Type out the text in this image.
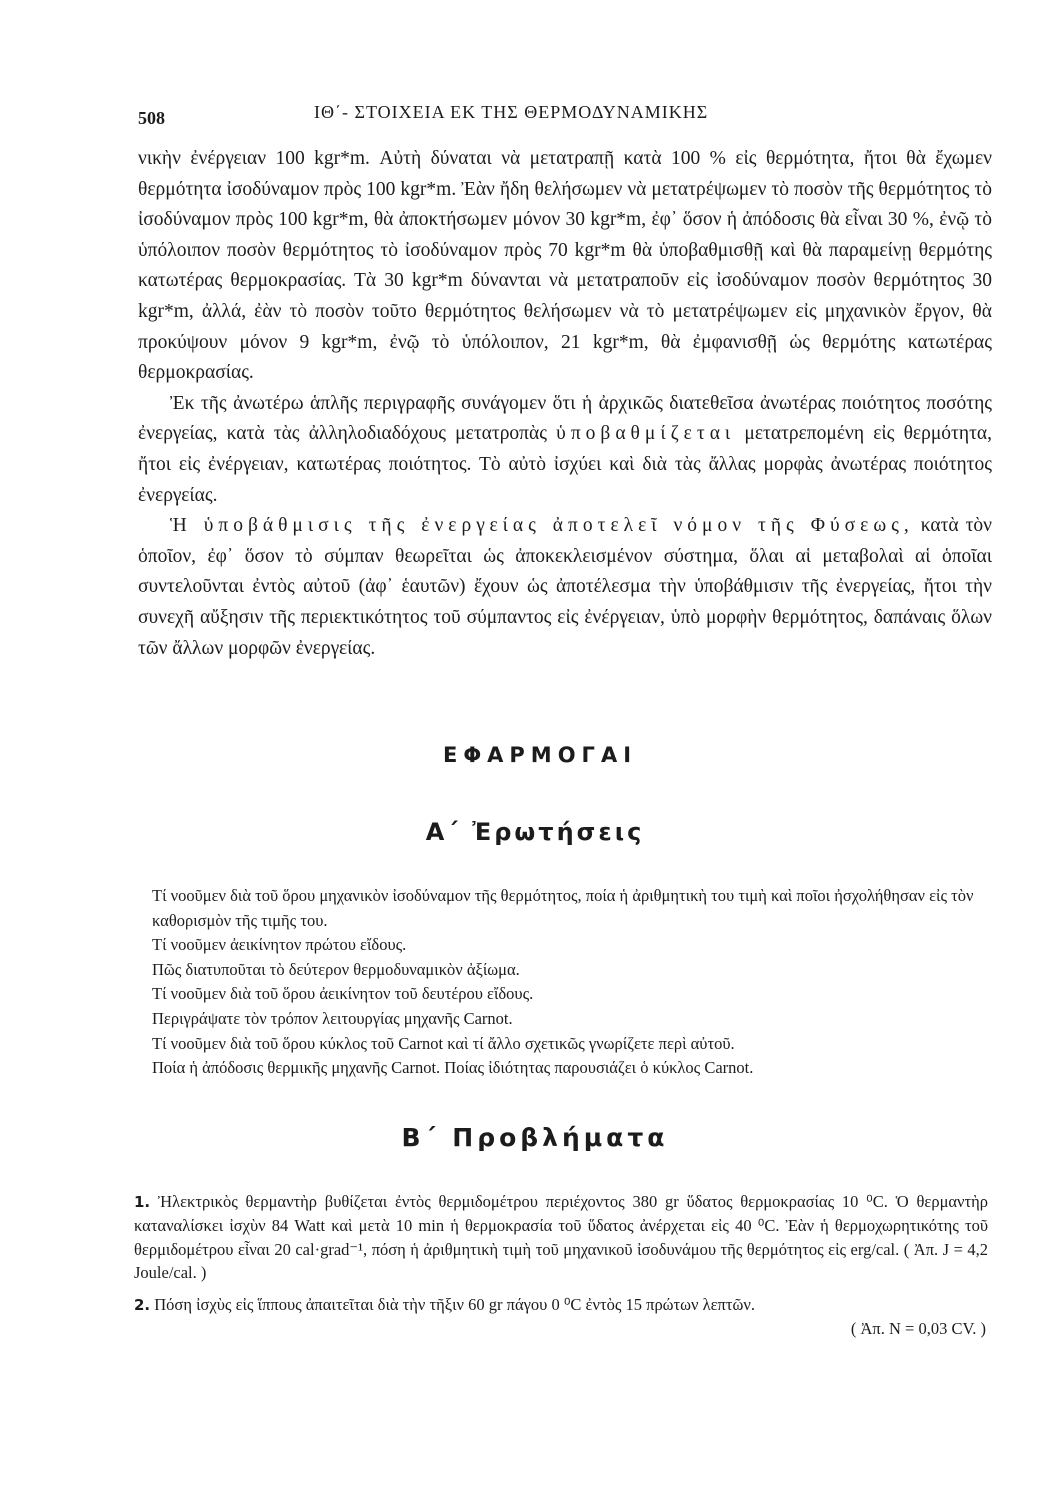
508	ΙΘ΄- ΣΤΟΙΧΕΙΑ ΕΚ ΤΗΣ ΘΕΡΜΟΔΥΝΑΜΙΚΗΣ

νικὴν ἐνέργειαν 100 kgr*m. Αὐτὴ δύναται νὰ μετατραπῇ κατὰ 100 % εἰς θερμότητα, ἤτοι θὰ ἔχωμεν θερμότητα ἰσοδύναμον πρὸς 100 kgr*m. Ἐὰν ἤδη θελήσωμεν νὰ μετατρέψωμεν τὸ ποσὸν τῆς θερμότητος τὸ ἰσοδύναμον πρὸς 100 kgr*m, θὰ ἀποκτήσωμεν μόνον 30 kgr*m, ἐφ᾽ ὅσον ἡ ἀπόδοσις θὰ εἶναι 30 %, ἐνῷ τὸ ὑπόλοιπον ποσὸν θερμότητος τὸ ἰσοδύναμον πρὸς 70 kgr*m θὰ ὑποβαθμισθῇ καὶ θὰ παραμείνῃ θερμότης κατωτέρας θερμοκρασίας. Τὰ 30 kgr*m δύνανται νὰ μετατραποῦν εἰς ἰσοδύναμον ποσὸν θερμότητος 30 kgr*m, ἀλλά, ἐὰν τὸ ποσὸν τοῦτο θερμότητος θελήσωμεν νὰ τὸ μετατρέψωμεν εἰς μηχανικὸν ἔργον, θὰ προκύψουν μόνον 9 kgr*m, ἐνῷ τὸ ὑπόλοιπον, 21 kgr*m, θὰ ἐμφανισθῇ ὡς θερμότης κατωτέρας θερμοκρασίας.

Ἐκ τῆς ἀνωτέρω ἁπλῆς περιγραφῆς συνάγομεν ὅτι ἡ ἀρχικῶς διατεθεῖσα ἀνωτέρας ποιότητος ποσότης ἐνεργείας, κατὰ τὰς ἀλληλοδιαδόχους μετατροπὰς ὑποβαθμίζεται μετατρεπομένη εἰς θερμότητα, ἤτοι εἰς ἐνέργειαν, κατωτέρας ποιότητος. Τὸ αὐτὸ ἰσχύει καὶ διὰ τὰς ἄλλας μορφὰς ἀνωτέρας ποιότητος ἐνεργείας.

Ἡ ὑποβάθμισις τῆς ἐνεργείας ἀποτελεῖ νόμον τῆς Φύσεως, κατὰ τὸν ὁποῖον, ἐφ᾽ ὅσον τὸ σύμπαν θεωρεῖται ὡς ἀποκεκλεισμένον σύστημα, ὅλαι αἱ μεταβολαὶ αἱ ὁποῖαι συντελοῦνται ἐντὸς αὐτοῦ (ἀφ᾽ ἑαυτῶν) ἔχουν ὡς ἀποτέλεσμα τὴν ὑποβάθμισιν τῆς ἐνεργείας, ἤτοι τὴν συνεχῆ αὔξησιν τῆς περιεκτικότητος τοῦ σύμπαντος εἰς ἐνέργειαν, ὑπὸ μορφὴν θερμότητος, δαπάναις ὅλων τῶν ἄλλων μορφῶν ἐνεργείας.

ΕΦΑΡΜΟΓΑΙ
Α΄ Ἐρωτήσεις

Τί νοοῦμεν διὰ τοῦ ὅρου μηχανικὸν ἰσοδύναμον τῆς θερμότητος, ποία ἡ ἀριθμητικὴ του τιμὴ καὶ ποῖοι ἠσχολήθησαν εἰς τὸν καθορισμὸν τῆς τιμῆς του.

Τί νοοῦμεν ἀεικίνητον πρώτου εἴδους.

Πῶς διατυποῦται τὸ δεύτερον θερμοδυναμικὸν ἀξίωμα.

Τί νοοῦμεν διὰ τοῦ ὅρου ἀεικίνητον τοῦ δευτέρου εἴδους.

Περιγράψατε τὸν τρόπον λειτουργίας μηχανῆς Carnot.

Τί νοοῦμεν διὰ τοῦ ὅρου κύκλος τοῦ Carnot καὶ τί ἄλλο σχετικῶς γνωρίζετε περὶ αὐτοῦ.

Ποία ἡ ἀπόδοσις θερμικῆς μηχανῆς Carnot. Ποίας ἰδιότητας παρουσιάζει ὁ κύκλος Carnot.

Β΄ Προβλήματα
1. Ἠλεκτρικὸς θερμαντὴρ βυθίζεται ἐντὸς θερμιδομέτρου περιέχοντος 380 gr ὕδατος θερμοκρασίας 10 ⁰C. Ὁ θερμαντὴρ καταναλίσκει ἰσχὺν 84 Watt καὶ μετὰ 10 min ἡ θερμοκρασία τοῦ ὕδατος ἀνέρχεται εἰς 40 ⁰C. Ἐὰν ἡ θερμοχωρητικότης τοῦ θερμιδομέτρου εἶναι 20 cal·grad⁻¹, πόση ἡ ἀριθμητικὴ τιμὴ τοῦ μηχανικοῦ ἰσοδυνάμου τῆς θερμότητος εἰς erg/cal. ( Ἀπ. J = 4,2 Joule/cal. )
2. Πόση ἰσχὺς εἰς ἵππους ἀπαιτεῖται διὰ τὴν τῆξιν 60 gr πάγου 0 ⁰C ἐντὸς 15 πρώτων λεπτῶν.
( Ἀπ. N = 0,03 CV. )
